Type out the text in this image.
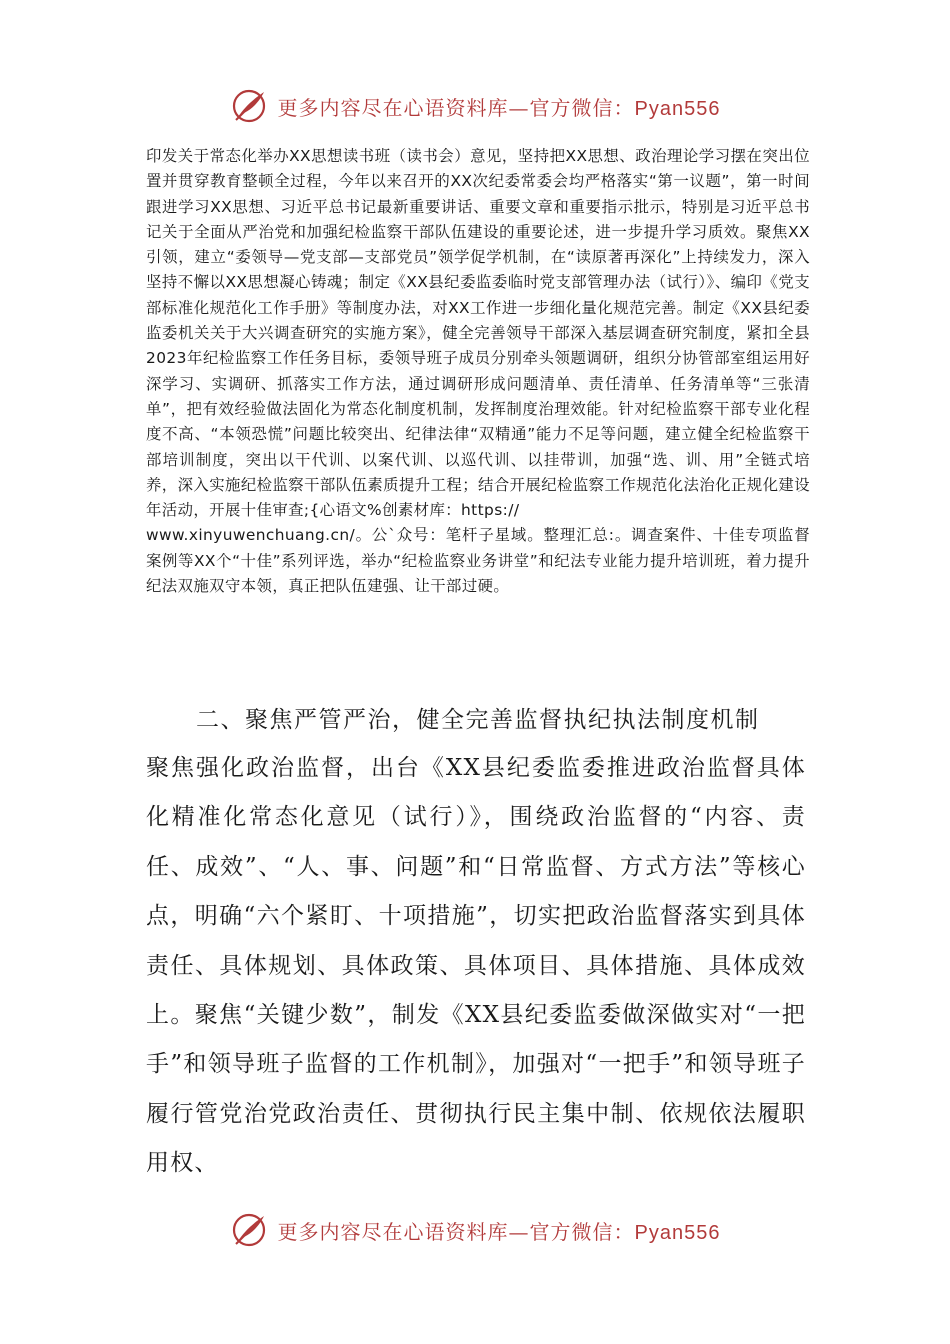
更多内容尽在心语资料库—官方微信：Pyan556

印发关于常态化举办XX思想读书班（读书会）意见，坚持把XX思想、政治理论学习摆在突出位置并贯穿教育整顿全过程，今年以来召开的XX次纪委常委会均严格落实“第一议题”，第一时间跟进学习XX思想、习近平总书记最新重要讲话、重要文章和重要指示批示，特别是习近平总书记关于全面从严治党和加强纪检监察干部队伍建设的重要论述，进一步提升学习质效。聚焦XX引领，建立“委领导—党支部—支部党员”领学促学机制，在“读原著再深化”上持续发力，深入坚持不懈以XX思想凝心铸魂；制定《XX县纪委监委临时党支部管理办法（试行）》、编印《党支部标准化规范化工作手册》等制度办法，对XX工作进一步细化量化规范完善。制定《XX县纪委监委机关关于大兴调查研究的实施方案》，健全完善领导干部深入基层调查研究制度，紧扣全县2023年纪检监察工作任务目标，委领导班子成员分别牵头领题调研，组织分协管部室组运用好深学习、实调研、抓落实工作方法，通过调研形成问题清单、责任清单、任务清单等“三张清单”，把有效经验做法固化为常态化制度机制，发挥制度治理效能。针对纪检监察干部专业化程度不高、“本领恐慌”问题比较突出、纪律法律“双精通”能力不足等问题，建立健全纪检监察干部培训制度，突出以干代训、以案代训、以巡代训、以挂带训，加强“选、训、用”全链式培养，深入实施纪检监察干部队伍素质提升工程；结合开展纪检监察工作规范化法治化正规化建设年活动，开展十佳审查;{心语文%创素材库：https://
www.xinyuwenchuang.cn/。公`众号：笔杆子星域。整理汇总:。调查案件、十佳专项监督案例等XX个“十佳”系列评选，举办“纪检监察业务讲堂”和纪法专业能力提升培训班，着力提升纪法双施双守本领，真正把队伍建强、让干部过硬。

二、聚焦严管严治，健全完善监督执纪执法制度机制

聚焦强化政治监督，出台《XX县纪委监委推进政治监督具体化精准化常态化意见（试行）》，围绕政治监督的“内容、责任、成效”、“人、事、问题”和“日常监督、方式方法”等核心点，明确“六个紧盯、十项措施”，切实把政治监督落实到具体责任、具体规划、具体政策、具体项目、具体措施、具体成效上。聚焦“关键少数”，制发《XX县纪委监委做深做实对“一把手”和领导班子监督的工作机制》，加强对“一把手”和领导班子履行管党治党政治责任、贯彻执行民主集中制、依规依法履职用权、

更多内容尽在心语资料库—官方微信：Pyan556
